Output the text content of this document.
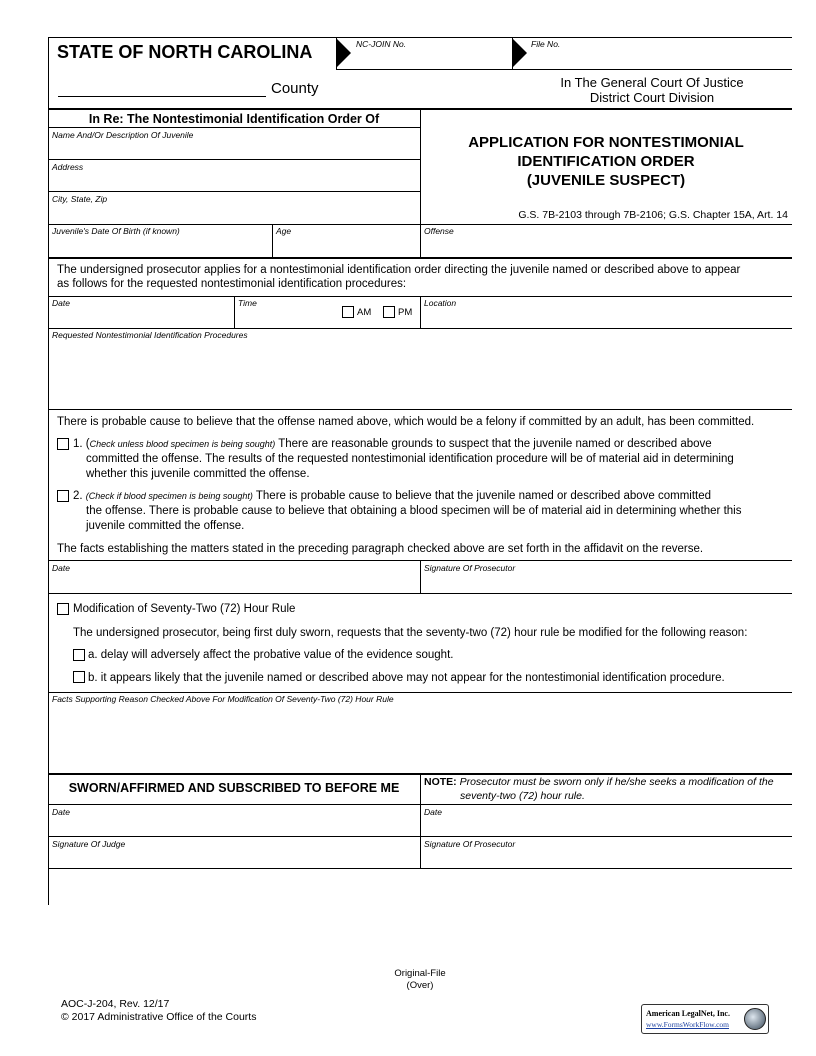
STATE OF NORTH CAROLINA	NC-JOIN No.	File No.
County	In The General Court Of Justice
District Court Division
In Re: The Nontestimonial Identification Order Of
Name And/Or Description Of Juvenile
Address
City, State, Zip
Juvenile's Date Of Birth (if known)	Age	Offense
APPLICATION FOR NONTESTIMONIAL
IDENTIFICATION ORDER
(JUVENILE SUSPECT)
G.S. 7B-2103 through 7B-2106; G.S. Chapter 15A, Art. 14
The undersigned prosecutor applies for a nontestimonial identification order directing the juvenile named or described above to appear
as follows for the requested nontestimonial identification procedures:
Date	Time
AM	PM
Location
Requested Nontestimonial Identification Procedures
There is probable cause to believe that the offense named above, which would be a felony if committed by an adult, has been committed.
1. (Check unless blood specimen is being sought) There are reasonable grounds to suspect that the juvenile named or described above
committed the offense. The results of the requested nontestimonial identification procedure will be of material aid in determining
whether this juvenile committed the offense.
2. (Check if blood specimen is being sought) There is probable cause to believe that the juvenile named or described above committed
the offense. There is probable cause to believe that obtaining a blood specimen will be of material aid in determining whether this
juvenile committed the offense.
The facts establishing the matters stated in the preceding paragraph checked above are set forth in the affidavit on the reverse.
Date	Signature Of Prosecutor
Modification of Seventy-Two (72) Hour Rule
The undersigned prosecutor, being first duly sworn, requests that the seventy-two (72) hour rule be modified for the following reason:
a. delay will adversely affect the probative value of the evidence sought.
b. it appears likely that the juvenile named or described above may not appear for the nontestimonial identification procedure.
Facts Supporting Reason Checked Above For Modification Of Seventy-Two (72) Hour Rule
SWORN/AFFIRMED AND SUBSCRIBED TO BEFORE ME	NOTE: Prosecutor must be sworn only if he/she seeks a modification of the
seventy-two (72) hour rule.
Date	Date
Signature Of Judge	Signature Of Prosecutor
Original-File
(Over)
AOC-J-204, Rev. 12/17
© 2017 Administrative Office of the Courts	American LegalNet, Inc.
www.FormsWorkFlow.com
